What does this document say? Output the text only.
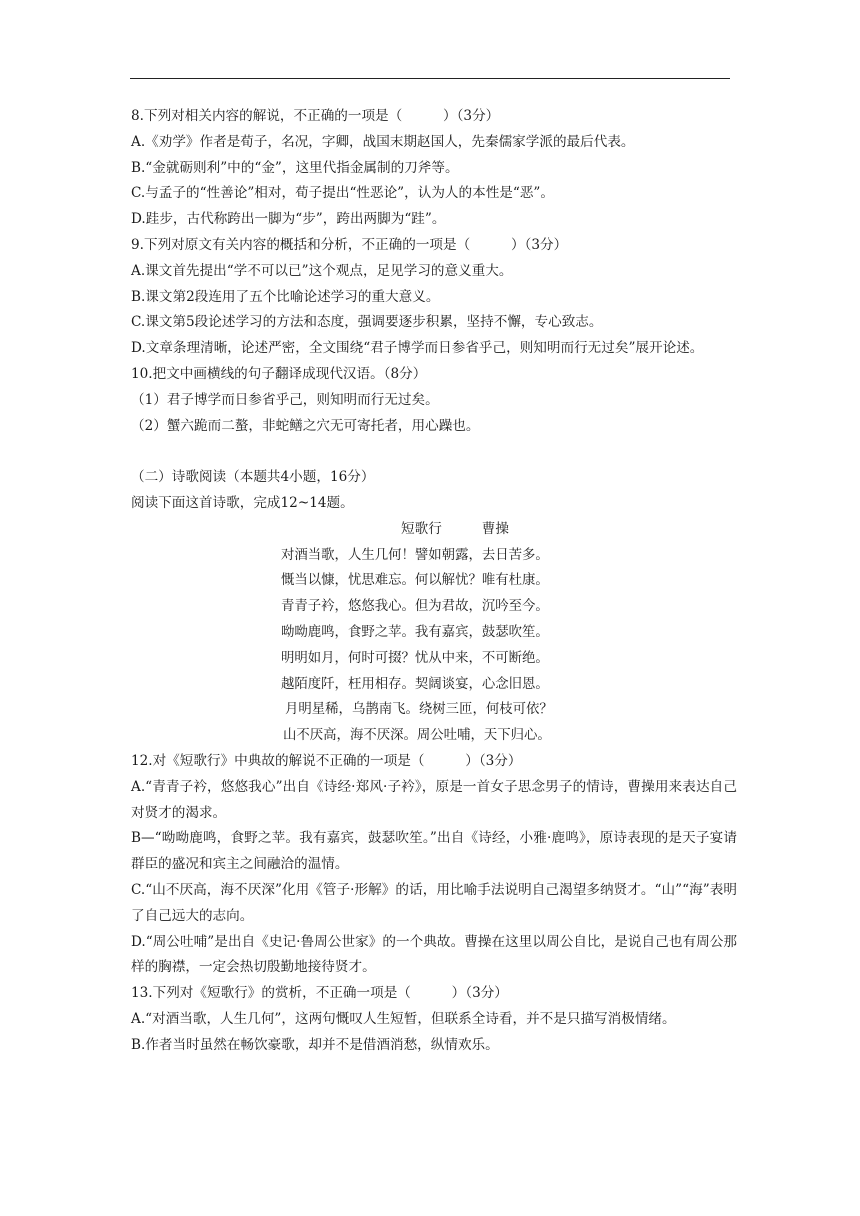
8.下列对相关内容的解说，不正确的一项是（　　　）（3分）
A.《劝学》作者是荀子，名况，字卿，战国末期赵国人，先秦儒家学派的最后代表。
B.“金就砺则利”中的“金”，这里代指金属制的刀斧等。
C.与孟子的“性善论”相对，荀子提出“性恶论”，认为人的本性是“恶”。
D.跬步，古代称跨出一脚为“步”，跨出两脚为“跬”。
9.下列对原文有关内容的概括和分析，不正确的一项是（　　　）（3分）
A.课文首先提出“学不可以已”这个观点，足见学习的意义重大。
B.课文第2段连用了五个比喻论述学习的重大意义。
C.课文第5段论述学习的方法和态度，强调要逐步积累，坚持不懈，专心致志。
D.文章条理清晰，论述严密，全文围绕“君子博学而日参省乎己，则知明而行无过矣”展开论述。
10.把文中画横线的句子翻译成现代汉语。（8分）
（1）君子博学而日参省乎己，则知明而行无过矣。
（2）蟹六跪而二螯，非蛇鳝之穴无可寄托者，用心躁也。
（二）诗歌阅读（本题共4小题，16分）
阅读下面这首诗歌，完成12~14题。
短歌行	曹操
对酒当歌，人生几何！譬如朝露，去日苦多。
慨当以慷，忧思难忘。何以解忧？唯有杜康。
青青子衿，悠悠我心。但为君故，沉吟至今。
呦呦鹿鸣，食野之苹。我有嘉宾，鼓瑟吹笙。
明明如月，何时可掇？忧从中来，不可断绝。
越陌度阡，枉用相存。契阔谈宴，心念旧恩。
月明星稀，乌鹊南飞。绕树三匝，何枝可依？
山不厌高，海不厌深。周公吐哺，天下归心。
12.对《短歌行》中典故的解说不正确的一项是（　　　）（3分）
A.“青青子衿，悠悠我心”出自《诗经·郑风·子衿》，原是一首女子思念男子的情诗，曹操用来表达自己对贤才的渴求。
B—“呦呦鹿鸣，食野之苹。我有嘉宾，鼓瑟吹笙。”出自《诗经，小雅·鹿鸣》，原诗表现的是天子宴请群臣的盛况和宾主之间融洽的温情。
C.“山不厌高，海不厌深”化用《管子·形解》的话，用比喻手法说明自己渴望多纳贤才。“山”“海”表明了自己远大的志向。
D.“周公吐哺”是出自《史记·鲁周公世家》的一个典故。曹操在这里以周公自比，是说自己也有周公那样的胸襟，一定会热切殷勤地接待贤才。
13.下列对《短歌行》的赏析，不正确一项是（　　　）（3分）
A.“对酒当歌，人生几何”，这两句慨叹人生短暂，但联系全诗看，并不是只描写消极情绪。
B.作者当时虽然在畅饮豪歌，却并不是借酒消愁，纵情欢乐。
